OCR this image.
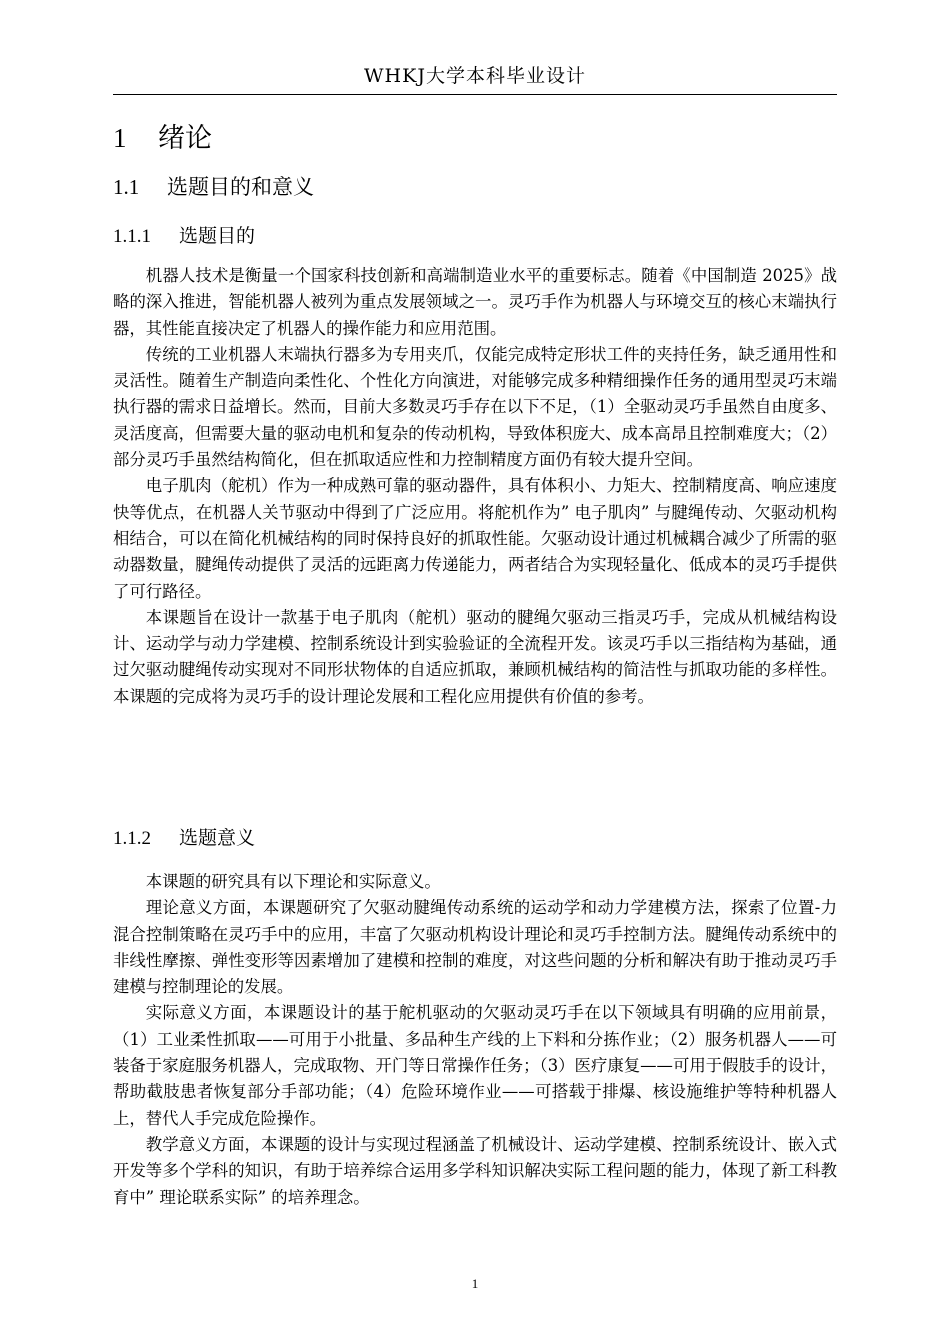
WHKJ大学本科毕业设计
1 绪论
1.1 选题目的和意义
1.1.1 选题目的

机器人技术是衡量一个国家科技创新和高端制造业水平的重要标志。随着《中国制造 2025》战略的深入推进，智能机器人被列为重点发展领域之一。灵巧手作为机器人与环境交互的核心末端执行器，其性能直接决定了机器人的操作能力和应用范围。

传统的工业机器人末端执行器多为专用夹爪，仅能完成特定形状工件的夹持任务，缺乏通用性和灵活性。随着生产制造向柔性化、个性化方向演进，对能够完成多种精细操作任务的通用型灵巧末端执行器的需求日益增长。然而，目前大多数灵巧手存在以下不足，（1）全驱动灵巧手虽然自由度多、灵活度高，但需要大量的驱动电机和复杂的传动机构，导致体积庞大、成本高昂且控制难度大；（2）部分灵巧手虽然结构简化，但在抓取适应性和力控制精度方面仍有较大提升空间。

电子肌肉（舵机）作为一种成熟可靠的驱动器件，具有体积小、力矩大、控制精度高、响应速度快等优点，在机器人关节驱动中得到了广泛应用。将舵机作为” 电子肌肉” 与腱绳传动、欠驱动机构相结合，可以在简化机械结构的同时保持良好的抓取性能。欠驱动设计通过机械耦合减少了所需的驱动器数量，腱绳传动提供了灵活的远距离力传递能力，两者结合为实现轻量化、低成本的灵巧手提供了可行路径。

本课题旨在设计一款基于电子肌肉（舵机）驱动的腱绳欠驱动三指灵巧手，完成从机械结构设计、运动学与动力学建模、控制系统设计到实验验证的全流程开发。该灵巧手以三指结构为基础，通过欠驱动腱绳传动实现对不同形状物体的自适应抓取，兼顾机械结构的简洁性与抓取功能的多样性。本课题的完成将为灵巧手的设计理论发展和工程化应用提供有价值的参考。

1.1.2 选题意义

本课题的研究具有以下理论和实际意义。

理论意义方面，本课题研究了欠驱动腱绳传动系统的运动学和动力学建模方法，探索了位置-力混合控制策略在灵巧手中的应用，丰富了欠驱动机构设计理论和灵巧手控制方法。腱绳传动系统中的非线性摩擦、弹性变形等因素增加了建模和控制的难度，对这些问题的分析和解决有助于推动灵巧手建模与控制理论的发展。

实际意义方面，本课题设计的基于舵机驱动的欠驱动灵巧手在以下领域具有明确的应用前景，（1）工业柔性抓取——可用于小批量、多品种生产线的上下料和分拣作业；（2）服务机器人——可装备于家庭服务机器人，完成取物、开门等日常操作任务；（3）医疗康复——可用于假肢手的设计，帮助截肢患者恢复部分手部功能；（4）危险环境作业——可搭载于排爆、核设施维护等特种机器人上，替代人手完成危险操作。

教学意义方面，本课题的设计与实现过程涵盖了机械设计、运动学建模、控制系统设计、嵌入式开发等多个学科的知识，有助于培养综合运用多学科知识解决实际工程问题的能力，体现了新工科教育中” 理论联系实际” 的培养理念。

1
